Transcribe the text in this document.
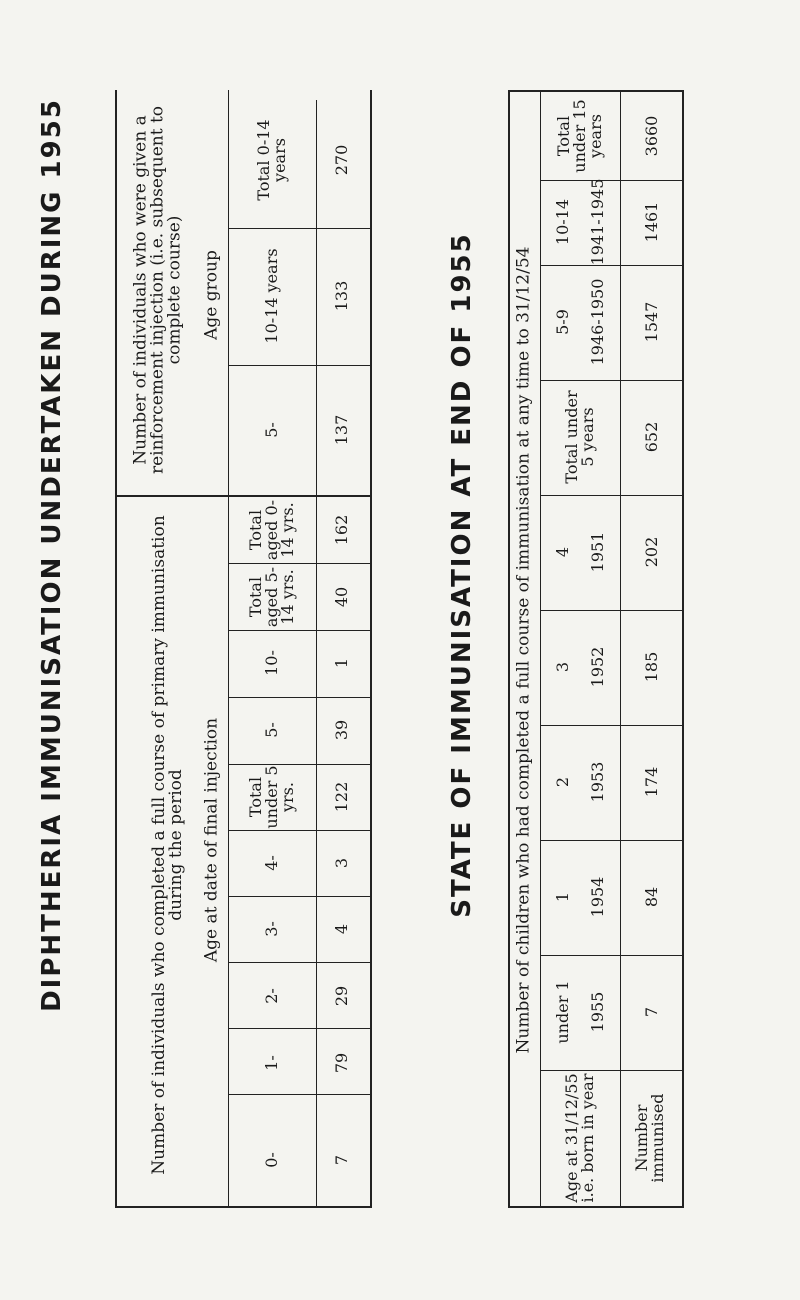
DIPHTHERIA IMMUNISATION UNDERTAKEN DURING 1955	STATE OF IMMUNISATION AT END OF 1955
Number of individuals who completed a full course of primary immunisation during the period Age at date of final injection
Number of individuals who were given a reinforcement injection (i.e. subsequent to complete course) Age group
0-
1-
2-
3-
4-
Total under 5 yrs.
5-
10-
Total aged 5-14 yrs.
Total aged 0-14 yrs.
7
79
29
4
3
122
39
1
40
162
5-
10-14 years
Total 0-14 years
137
133
270
Number of children who had completed a full course of immunisation at any time to 31/12/54
Age at 31/12/55 i.e. born in year Number immunised
under 1 1955 7
1 1954 84
2 1953 174
3 1952 185
4 1951 202
Total under 5 years	652
5-9 1946-1950 1547
10-14 1941-1945 1461
Total under 15 years 3660
